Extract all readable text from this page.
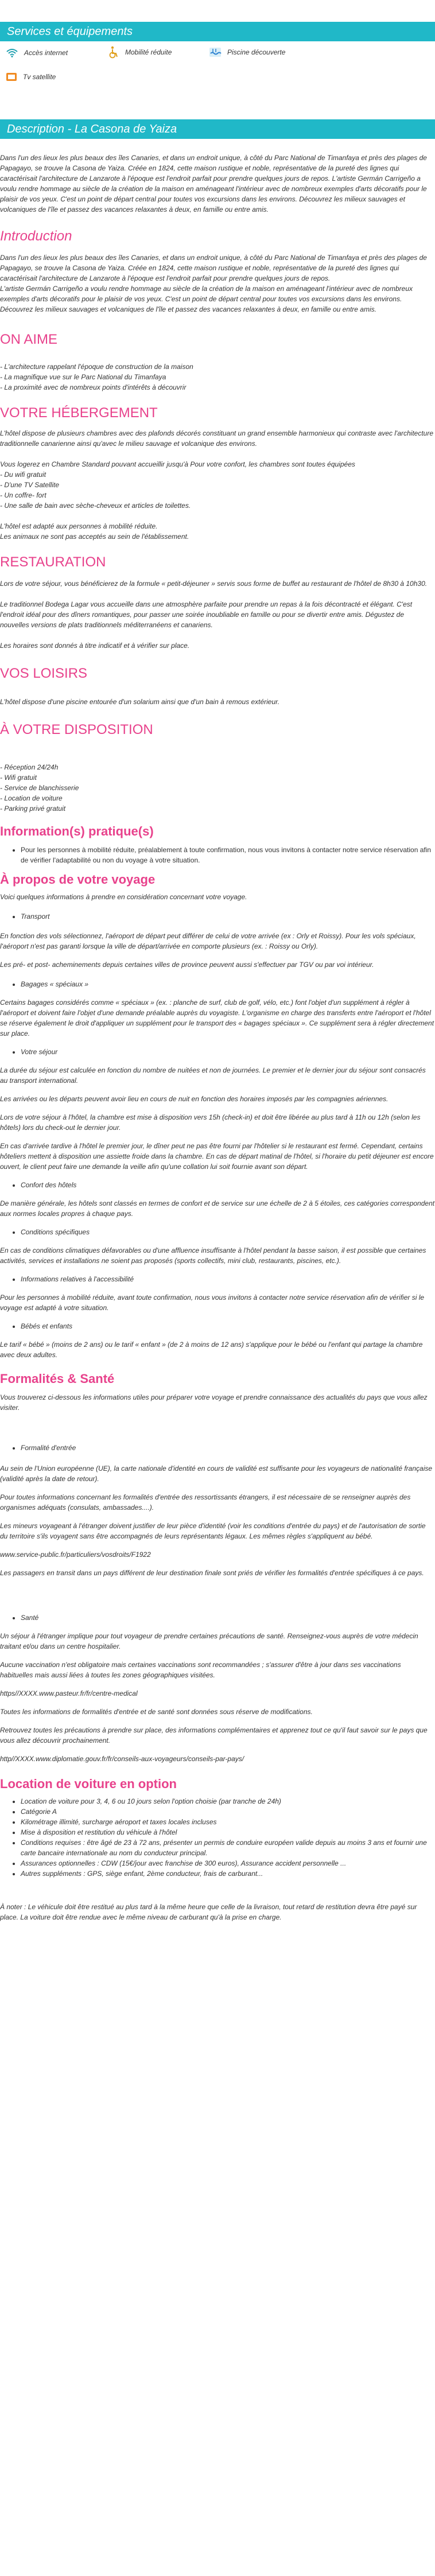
Services et équipements
Accès internet	Mobilité réduite	Piscine découverte
Tv satellite
Description - La Casona de Yaiza

Dans l'un des lieux les plus beaux des îles Canaries, et dans un endroit unique, à côté du Parc National de Timanfaya et près des plages de Papagayo, se trouve la Casona de Yaiza. Créée en 1824, cette maison rustique et noble, représentative de la pureté des lignes qui caractérisait l'architecture de Lanzarote à l'époque est l'endroit parfait pour prendre quelques jours de repos. L'artiste Germán Carrigeño a voulu rendre hommage au siècle de la création de la maison en aménageant l'intérieur avec de nombreux exemples d'arts décoratifs pour le plaisir de vos yeux. C'est un point de départ central pour toutes vos excursions dans les environs. Découvrez les milieux sauvages et volcaniques de l'île et passez des vacances relaxantes à deux, en famille ou entre amis.

Introduction

Dans l'un des lieux les plus beaux des îles Canaries, et dans un endroit unique, à côté du Parc National de Timanfaya et près des plages de Papagayo, se trouve la Casona de Yaiza. Créée en 1824, cette maison rustique et noble, représentative de la pureté des lignes qui caractérisait l'architecture de Lanzarote à l'époque est l'endroit parfait pour prendre quelques jours de repos.

L'artiste Germán Carrigeño a voulu rendre hommage au siècle de la création de la maison en aménageant l'intérieur avec de nombreux exemples d'arts décoratifs pour le plaisir de vos yeux. C'est un point de départ central pour toutes vos excursions dans les environs. Découvrez les milieux sauvages et volcaniques de l'île et passez des vacances relaxantes à deux, en famille ou entre amis.

ON AIME

- L'architecture rappelant l'époque de construction de la maison

- La magnifique vue sur le Parc National du Timanfaya

- La proximité avec de nombreux points d'intérêts à découvrir

VOTRE HÉBERGEMENT

L'hôtel dispose de plusieurs chambres avec des plafonds décorés constituant un grand ensemble harmonieux qui contraste avec l'architecture traditionnelle canarienne ainsi qu'avec le milieu sauvage et volcanique des environs.

Vous logerez en Chambre Standard pouvant accueillir jusqu'à Pour votre confort, les chambres sont toutes équipées

- Du wifi gratuit

- D'une TV Satellite

- Un coffre- fort

- Une salle de bain avec sèche-cheveux et articles de toilettes.

L'hôtel est adapté aux personnes à mobilité réduite.

Les animaux ne sont pas acceptés au sein de l'établissement.

RESTAURATION

Lors de votre séjour, vous bénéficierez de la formule « petit-déjeuner » servis sous forme de buffet au restaurant de l'hôtel de 8h30 à 10h30.

Le traditionnel Bodega Lagar vous accueille dans une atmosphère parfaite pour prendre un repas à la fois décontracté et élégant. C'est l'endroit idéal pour des dîners romantiques, pour passer une soirée inoubliable en famille ou pour se divertir entre amis. Dégustez de nouvelles versions de plats traditionnels méditerranéens et canariens.

Les horaires sont donnés à titre indicatif et à vérifier sur place.

VOS LOISIRS

L'hôtel dispose d'une piscine entourée d'un solarium ainsi que d'un bain à remous extérieur.

À VOTRE DISPOSITION

- Réception 24/24h

- Wifi gratuit

- Service de blanchisserie

- Location de voiture

- Parking privé gratuit

Information(s) pratique(s)

• Pour les personnes à mobilité réduite, préalablement à toute confirmation, nous vous invitons à contacter notre service réservation afin de vérifier l'adaptabilité ou non du voyage à votre situation.

À propos de votre voyage

Voici quelques informations à prendre en considération concernant votre voyage.

• Transport

En fonction des vols sélectionnez, l'aéroport de départ peut différer de celui de votre arrivée (ex : Orly et Roissy). Pour les vols spéciaux, l'aéroport n'est pas garanti lorsque la ville de départ/arrivée en comporte plusieurs (ex. : Roissy ou Orly).

Les pré- et post- acheminements depuis certaines villes de province peuvent aussi s'effectuer par TGV ou par voi intérieur.

• Bagages « spéciaux »

Certains bagages considérés comme « spéciaux » (ex. : planche de surf, club de golf, vélo, etc.) font l'objet d'un supplément à régler à l'aéroport et doivent faire l'objet d'une demande préalable auprès du voyagiste. L'organisme en charge des transferts entre l'aéroport et l'hôtel se réserve également le droit d'appliquer un supplément pour le transport des « bagages spéciaux ». Ce supplément sera à régler directement sur place.

• Votre séjour

La durée du séjour est calculée en fonction du nombre de nuitées et non de journées. Le premier et le dernier jour du séjour sont consacrés au transport international.

Les arrivées ou les départs peuvent avoir lieu en cours de nuit en fonction des horaires imposés par les compagnies aériennes.

Lors de votre séjour à l'hôtel, la chambre est mise à disposition vers 15h (check-in) et doit être libérée au plus tard à 11h ou 12h (selon les hôtels) lors du check-out le dernier jour.

En cas d'arrivée tardive à l'hôtel le premier jour, le dîner peut ne pas être fourni par l'hôtelier si le restaurant est fermé. Cependant, certains hôteliers mettent à disposition une assiette froide dans la chambre. En cas de départ matinal de l'hôtel, si l'horaire du petit déjeuner est encore ouvert, le client peut faire une demande la veille afin qu'une collation lui soit fournie avant son départ.

• Confort des hôtels

De manière générale, les hôtels sont classés en termes de confort et de service sur une échelle de 2 à 5 étoiles, ces catégories correspondent aux normes locales propres à chaque pays.

• Conditions spécifiques

En cas de conditions climatiques défavorables ou d'une affluence insuffisante à l'hôtel pendant la basse saison, il est possible que certaines activités, services et installations ne soient pas proposés (sports collectifs, mini club, restaurants, piscines, etc.).

• Informations relatives à l'accessibilité

Pour les personnes à mobilité réduite, avant toute confirmation, nous vous invitons à contacter notre service réservation afin de vérifier si le voyage est adapté à votre situation.

• Bébés et enfants

Le tarif « bébé » (moins de 2 ans) ou le tarif « enfant » (de 2 à moins de 12 ans) s'applique pour le bébé ou l'enfant qui partage la chambre avec deux adultes.

Formalités & Santé

Vous trouverez ci-dessous les informations utiles pour préparer votre voyage et prendre connaissance des actualités du pays que vous allez visiter.

• Formalité d'entrée

Au sein de l'Union européenne (UE), la carte nationale d'identité en cours de validité est suffisante pour les voyageurs de nationalité française (validité après la date de retour).

Pour toutes informations concernant les formalités d'entrée des ressortissants étrangers, il est nécessaire de se renseigner auprès des organismes adéquats (consulats, ambassades....).

Les mineurs voyageant à l'étranger doivent justifier de leur pièce d'identité (voir les conditions d'entrée du pays) et de l'autorisation de sortie du territoire s'ils voyagent sans être accompagnés de leurs représentants légaux. Les mêmes règles s'appliquent au bébé.

www.service-public.fr/particuliers/vosdroits/F1922

Les passagers en transit dans un pays différent de leur destination finale sont priés de vérifier les formalités d'entrée spécifiques à ce pays.

• Santé

Un séjour à l'étranger implique pour tout voyageur de prendre certaines précautions de santé. Renseignez-vous auprès de votre médecin traitant et/ou dans un centre hospitalier.

Aucune vaccination n'est obligatoire mais certaines vaccinations sont recommandées ; s'assurer d'être à jour dans ses vaccinations habituelles mais aussi liées à toutes les zones géographiques visitées.

https//XXXX.www.pasteur.fr/fr/centre-medical

Toutes les informations de formalités d'entrée et de santé sont données sous réserve de modifications.

Retrouvez toutes les précautions à prendre sur place, des informations complémentaires et apprenez tout ce qu'il faut savoir sur le pays que vous allez découvrir prochainement.

http//XXXX.www.diplomatie.gouv.fr/fr/conseils-aux-voyageurs/conseils-par-pays/

Location de voiture en option

• Location de voiture pour 3, 4, 6 ou 10 jours selon l'option choisie (par tranche de 24h)
• Catégorie A
• Kilométrage illimité, surcharge aéroport et taxes locales incluses
• Mise à disposition et restitution du véhicule à l'hôtel
• Conditions requises : être âgé de 23 à 72 ans, présenter un permis de conduire européen valide depuis au moins 3 ans et fournir une carte bancaire internationale au nom du conducteur principal.
• Assurances optionnelles : CDW (15€/jour avec franchise de 300 euros), Assurance accident personnelle ...
• Autres suppléments : GPS, siège enfant, 2ème conducteur, frais de carburant...

À noter : Le véhicule doit être restitué au plus tard à la même heure que celle de la livraison, tout retard de restitution devra être payé sur place. La voiture doit être rendue avec le même niveau de carburant qu'à la prise en charge.
